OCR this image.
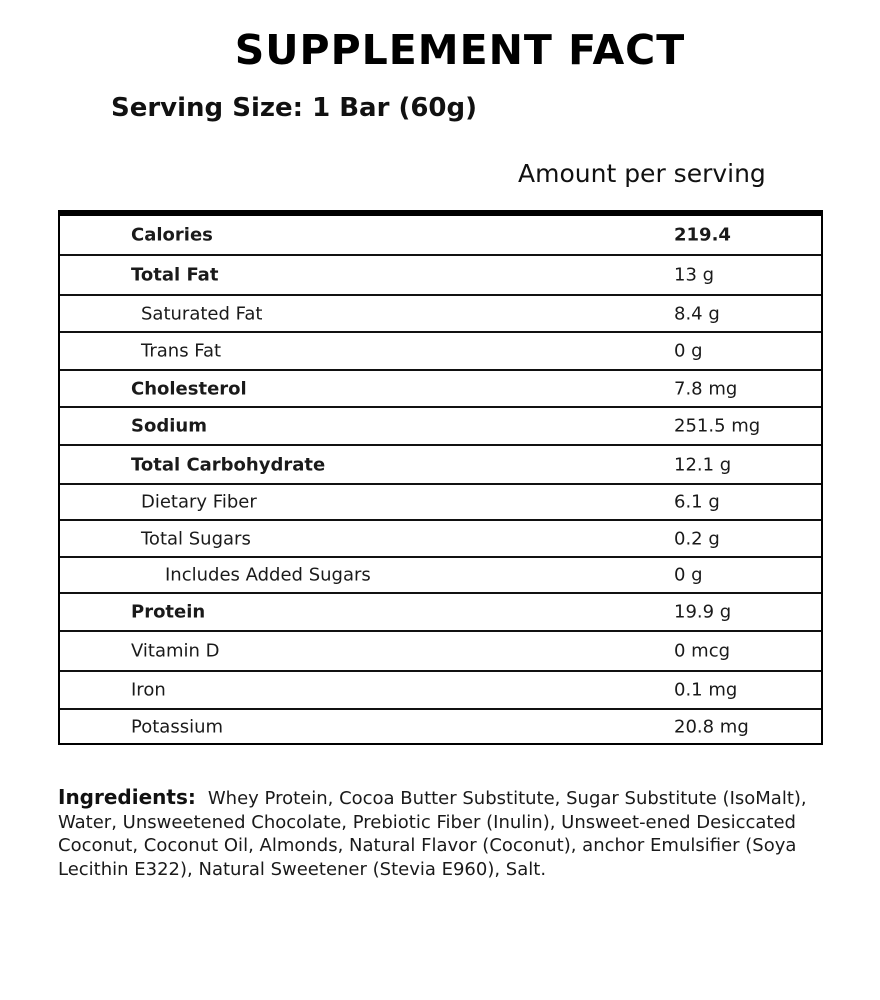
SUPPLEMENT FACT
Serving Size: 1 Bar (60g)
Amount per serving
Calories	219.4
Total Fat	13 g
Saturated Fat	8.4 g
Trans Fat	0 g
Cholesterol	7.8 mg
Sodium	251.5 mg
Total Carbohydrate	12.1 g
Dietary Fiber	6.1 g
Total Sugars	0.2 g
Includes Added Sugars	0 g
Protein	19.9 g
Vitamin D	0 mcg
Iron	0.1 mg
Potassium	20.8 mg
Ingredients: Whey Protein, Cocoa Butter Substitute, Sugar Substitute (IsoMalt), Water, Unsweetened Chocolate, Prebiotic Fiber (Inulin), Unsweet-ened Desiccated Coconut, Coconut Oil, Almonds, Natural Flavor (Coconut), anchor Emulsifier (Soya Lecithin E322), Natural Sweetener (Stevia E960), Salt.
